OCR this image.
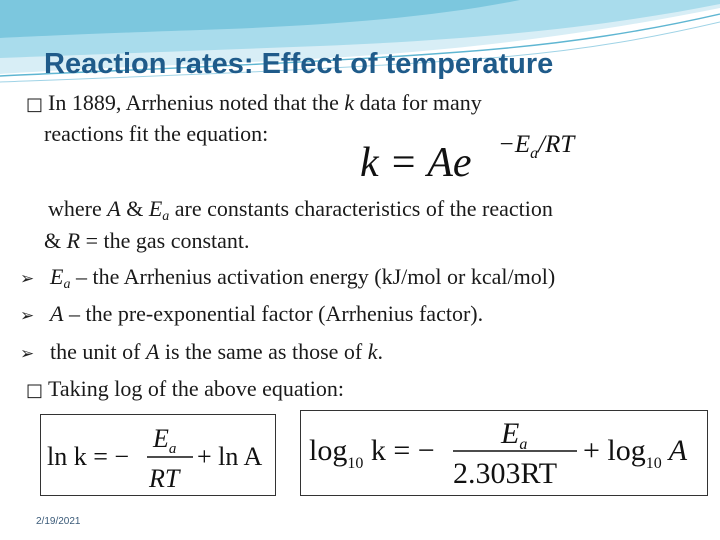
Reaction rates: Effect of temperature
□ In 1889, Arrhenius noted that the k data for many
reactions fit the equation:
$k = Ae -E_a/RT$
where A & $E_a$ are constants characteristics of the reaction
& R = the gas constant.
➢ $E_a$ – the Arrhenius activation energy (kJ/mol or kcal/mol)
➢ A – the pre-exponential factor (Arrhenius factor).
➢ the unit of A is the same as those of k.
□ Taking log of the above equation:
ln k = −
$E_a$
RT
+ ln A $\log_{10} k$ = −
$E_a$
2.303RT
+ $\log_{10} A$
2/19/2021
